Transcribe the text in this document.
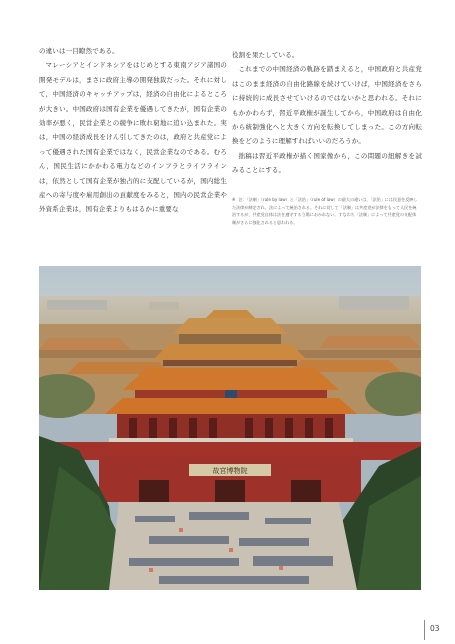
の違いは一目瞭然である。

マレーシアとインドネシアをはじめとする東南アジア諸国の開発モデルは，まさに政府主導の開発独裁だった。それに対して，中国経済のキャッチアップは，経済の自由化によるところが大きい。中国政府は国有企業を優遇してきたが，国有企業の効率が悪く，民営企業との競争に敗れ窮地に追い込まれた。実は，中国の経済成長をけん引してきたのは，政府と共産党によって優遇された国有企業ではなく，民営企業なのである。むろん，国民生活にかかわる電力などのインフラとライフラインは，依然として国有企業が独占的に支配しているが，国内総生産への寄与度や雇用創出の貢献度をみると，国内の民営企業や外資系企業は，国有企業よりもはるかに重要な

役割を果たしている。

これまでの中国経済の軌跡を踏まえると，中国政府と共産党はこのまま経済の自由化路線を続けていけば，中国経済をさらに持続的に成長させていけるのではないかと思われる。それにもかかわらず，習近平政権が誕生してから，中国政府は自由化から統制強化へと大きく方向を転換してしまった。この方向転換をどのように理解すればいいのだろうか。

拙稿は習近平政権が描く国家像から，この問題の紐解きを試みることにする。

※ 注：「法制」（rule by law）と「法治」（rule of law）の最大の違いは，「法治」には民意を反映した法律が制定され，法によって統治される。それに対して「法制」は共産党が法律をもって人民を統治するが，共産党自体は法を遵守する立場におかれない。すなわち「法制」によって共産党の支配体制がさらに強化されると思われる。
故宮博物院
03
